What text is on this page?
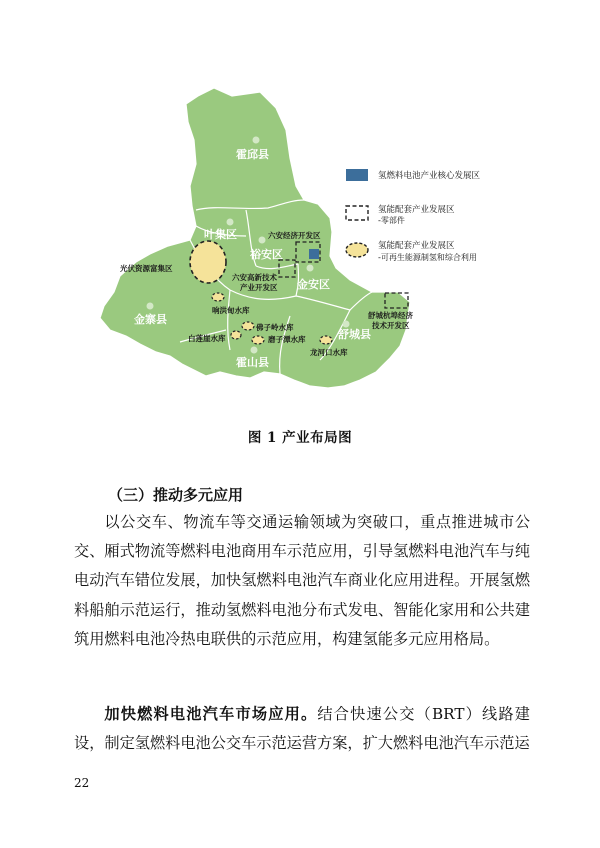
霍邱县
叶集区
裕安区
金安区
舒城县
金寨县
霍山县
六安经济开发区
光伏资源富集区
六安高新技术
产业开发区
响洪甸水库
佛子岭水库
白莲崖水库	磨子潭水库
龙河口水库
舒城杭埠经济
技术开发区
氢燃料电池产业核心发展区
氢能配套产业发展区
-零部件
氢能配套产业发展区
-可再生能源制氢和综合利用
图 1 产业布局图
（三）推动多元应用

以公交车、物流车等交通运输领域为突破口，重点推进城市公交、厢式物流等燃料电池商用车示范应用，引导氢燃料电池汽车与纯电动汽车错位发展，加快氢燃料电池汽车商业化应用进程。开展氢燃料船舶示范运行，推动氢燃料电池分布式发电、智能化家用和公共建筑用燃料电池冷热电联供的示范应用，构建氢能多元应用格局。

加快燃料电池汽车市场应用。结合快速公交（BRT）线路建设，制定氢燃料电池公交车示范运营方案，扩大燃料电池汽车示范运

22
